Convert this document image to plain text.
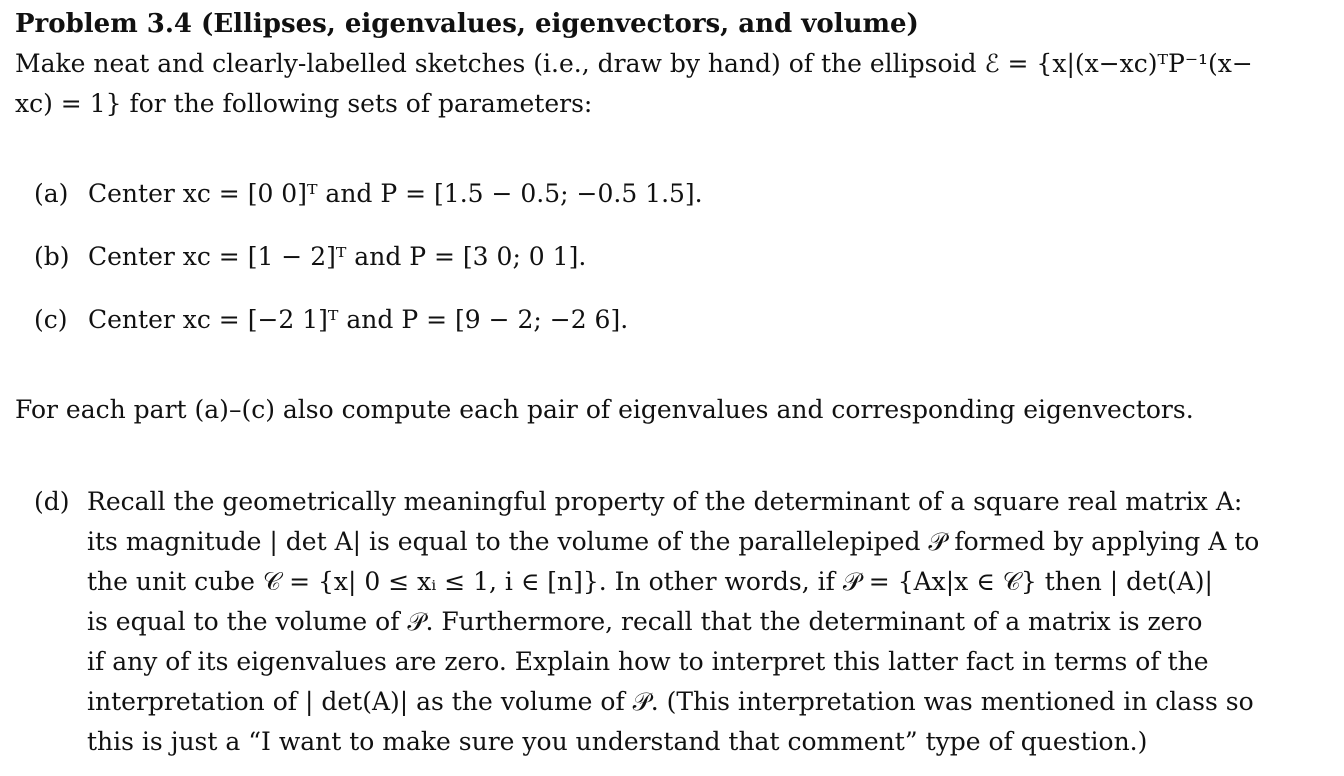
Problem 3.4 (Ellipses, eigenvalues, eigenvectors, and volume)
Make neat and clearly-labelled sketches (i.e., draw by hand) of the ellipsoid ℰ = {x|(x−xc)ᵀP⁻¹(x−
xc) = 1} for the following sets of parameters:
(a) Center xc = [0 0]ᵀ and P = [1.5 − 0.5; −0.5 1.5].
(b) Center xc = [1 − 2]ᵀ and P = [3 0; 0 1].
(c) Center xc = [−2 1]ᵀ and P = [9 − 2; −2 6].
For each part (a)–(c) also compute each pair of eigenvalues and corresponding eigenvectors.
(d) Recall the geometrically meaningful property of the determinant of a square real matrix A:
its magnitude | det A| is equal to the volume of the parallelepiped 𝒫 formed by applying A to
the unit cube 𝒞 = {x| 0 ≤ xᵢ ≤ 1, i ∈ [n]}. In other words, if 𝒫 = {Ax|x ∈ 𝒞} then | det(A)|
is equal to the volume of 𝒫. Furthermore, recall that the determinant of a matrix is zero
if any of its eigenvalues are zero. Explain how to interpret this latter fact in terms of the
interpretation of | det(A)| as the volume of 𝒫. (This interpretation was mentioned in class so
this is just a “I want to make sure you understand that comment” type of question.)
